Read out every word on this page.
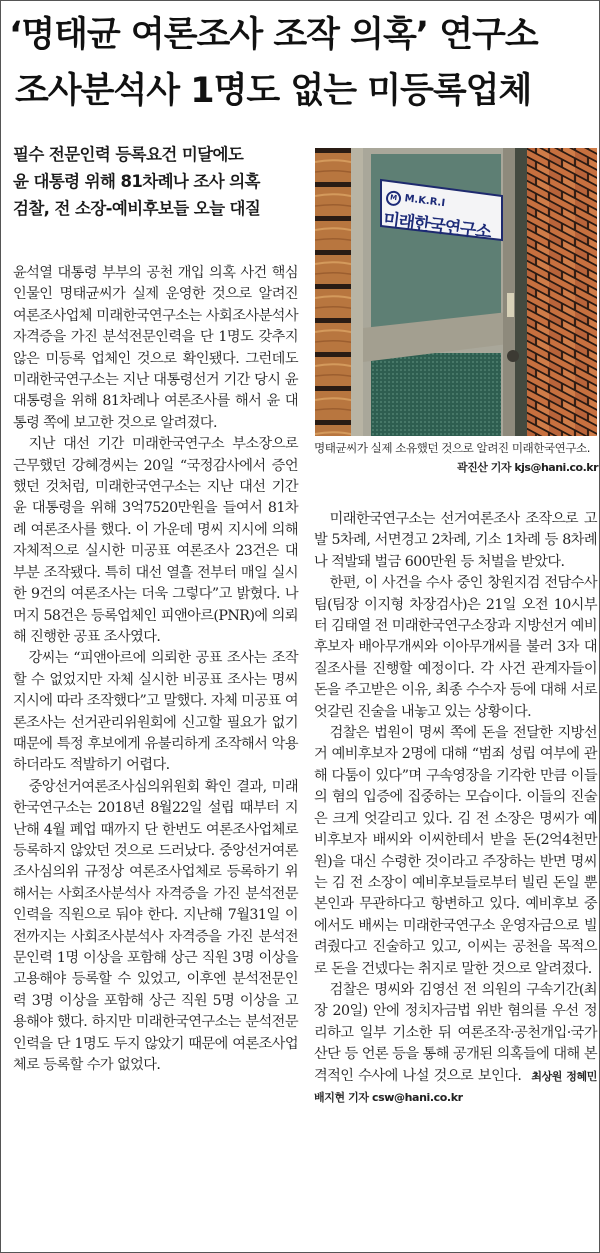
‘명태균 여론조사 조작 의혹’ 연구소
조사분석사 1명도 없는 미등록업체
필수 전문인력 등록요건 미달에도
윤 대통령 위해 81차례나 조사 의혹
검찰, 전 소장-예비후보들 오늘 대질
M M.K.R.I
미래한국연구소
명태균씨가 실제 소유했던 것으로 알려진 미래한국연구소.
곽진산 기자 kjs@hani.co.kr

윤석열 대통령 부부의 공천 개입 의혹 사건 핵심인물인 명태균씨가 실제 운영한 것으로 알려진 여론조사업체 미래한국연구소는 사회조사분석사 자격증을 가진 분석전문인력을 단 1명도 갖추지 않은 미등록 업체인 것으로 확인됐다. 그런데도 미래한국연구소는 지난 대통령선거 기간 당시 윤 대통령을 위해 81차례나 여론조사를 해서 윤 대통령 쪽에 보고한 것으로 알려졌다.

지난 대선 기간 미래한국연구소 부소장으로 근무했던 강혜경씨는 20일 “국정감사에서 증언했던 것처럼, 미래한국연구소는 지난 대선 기간 윤 대통령을 위해 3억7520만원을 들여서 81차례 여론조사를 했다. 이 가운데 명씨 지시에 의해 자체적으로 실시한 미공표 여론조사 23건은 대부분 조작됐다. 특히 대선 열흘 전부터 매일 실시한 9건의 여론조사는 더욱 그렇다”고 밝혔다. 나머지 58건은 등록업체인 피앤아르(PNR)에 의뢰해 진행한 공표 조사였다.

강씨는 “피앤아르에 의뢰한 공표 조사는 조작할 수 없었지만 자체 실시한 비공표 조사는 명씨 지시에 따라 조작했다”고 말했다. 자체 미공표 여론조사는 선거관리위원회에 신고할 필요가 없기 때문에 특정 후보에게 유불리하게 조작해서 악용하더라도 적발하기 어렵다.

중앙선거여론조사심의위원회 확인 결과, 미래한국연구소는 2018년 8월22일 설립 때부터 지난해 4월 폐업 때까지 단 한번도 여론조사업체로 등록하지 않았던 것으로 드러났다. 중앙선거여론조사심의위 규정상 여론조사업체로 등록하기 위해서는 사회조사분석사 자격증을 가진 분석전문인력을 직원으로 둬야 한다. 지난해 7월31일 이전까지는 사회조사분석사 자격증을 가진 분석전문인력 1명 이상을 포함해 상근 직원 3명 이상을 고용해야 등록할 수 있었고, 이후엔 분석전문인력 3명 이상을 포함해 상근 직원 5명 이상을 고용해야 했다. 하지만 미래한국연구소는 분석전문인력을 단 1명도 두지 않았기 때문에 여론조사업체로 등록할 수가 없었다.

미래한국연구소는 선거여론조사 조작으로 고발 5차례, 서면경고 2차례, 기소 1차례 등 8차례나 적발돼 벌금 600만원 등 처벌을 받았다.

한편, 이 사건을 수사 중인 창원지검 전담수사팀(팀장 이지형 차장검사)은 21일 오전 10시부터 김태열 전 미래한국연구소장과 지방선거 예비후보자 배아무개씨와 이아무개씨를 불러 3자 대질조사를 진행할 예정이다. 각 사건 관계자들이 돈을 주고받은 이유, 최종 수수자 등에 대해 서로 엇갈린 진술을 내놓고 있는 상황이다.

검찰은 법원이 명씨 쪽에 돈을 전달한 지방선거 예비후보자 2명에 대해 “범죄 성립 여부에 관해 다툼이 있다”며 구속영장을 기각한 만큼 이들의 혐의 입증에 집중하는 모습이다. 이들의 진술은 크게 엇갈리고 있다. 김 전 소장은 명씨가 예비후보자 배씨와 이씨한테서 받을 돈(2억4천만원)을 대신 수령한 것이라고 주장하는 반면 명씨는 김 전 소장이 예비후보들로부터 빌린 돈일 뿐 본인과 무관하다고 항변하고 있다. 예비후보 중에서도 배씨는 미래한국연구소 운영자금으로 빌려줬다고 진술하고 있고, 이씨는 공천을 목적으로 돈을 건넸다는 취지로 말한 것으로 알려졌다.

검찰은 명씨와 김영선 전 의원의 구속기간(최장 20일) 안에 정치자금법 위반 혐의를 우선 정리하고 일부 기소한 뒤 여론조작·공천개입·국가산단 등 언론 등을 통해 공개된 의혹들에 대해 본격적인 수사에 나설 것으로 보인다. 최상원 정혜민 배지현 기자 csw@hani.co.kr
